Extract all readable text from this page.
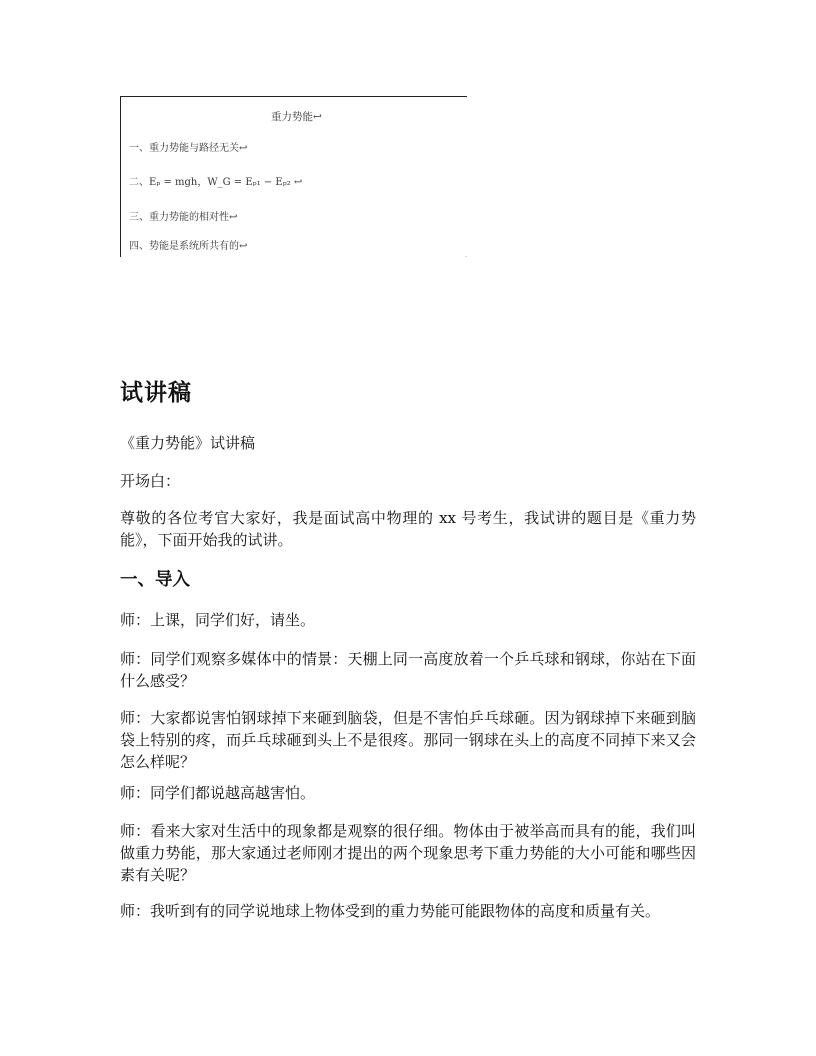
重力势能↩
一、重力势能与路径无关↩
二、Eₚ = mgh，W_G = Eₚ₁ − Eₚ₂ ↩
三、重力势能的相对性↩
四、势能是系统所共有的↩
.
试讲稿

《重力势能》试讲稿

开场白：

尊敬的各位考官大家好，我是面试高中物理的 xx 号考生，我试讲的题目是《重力势能》，下面开始我的试讲。

一、导入

师：上课，同学们好，请坐。

师：同学们观察多媒体中的情景：天棚上同一高度放着一个乒乓球和钢球，你站在下面什么感受？

师：大家都说害怕钢球掉下来砸到脑袋，但是不害怕乒乓球砸。因为钢球掉下来砸到脑袋上特别的疼，而乒乓球砸到头上不是很疼。那同一钢球在头上的高度不同掉下来又会怎么样呢？

师：同学们都说越高越害怕。

师：看来大家对生活中的现象都是观察的很仔细。物体由于被举高而具有的能，我们叫做重力势能，那大家通过老师刚才提出的两个现象思考下重力势能的大小可能和哪些因素有关呢？

师：我听到有的同学说地球上物体受到的重力势能可能跟物体的高度和质量有关。
